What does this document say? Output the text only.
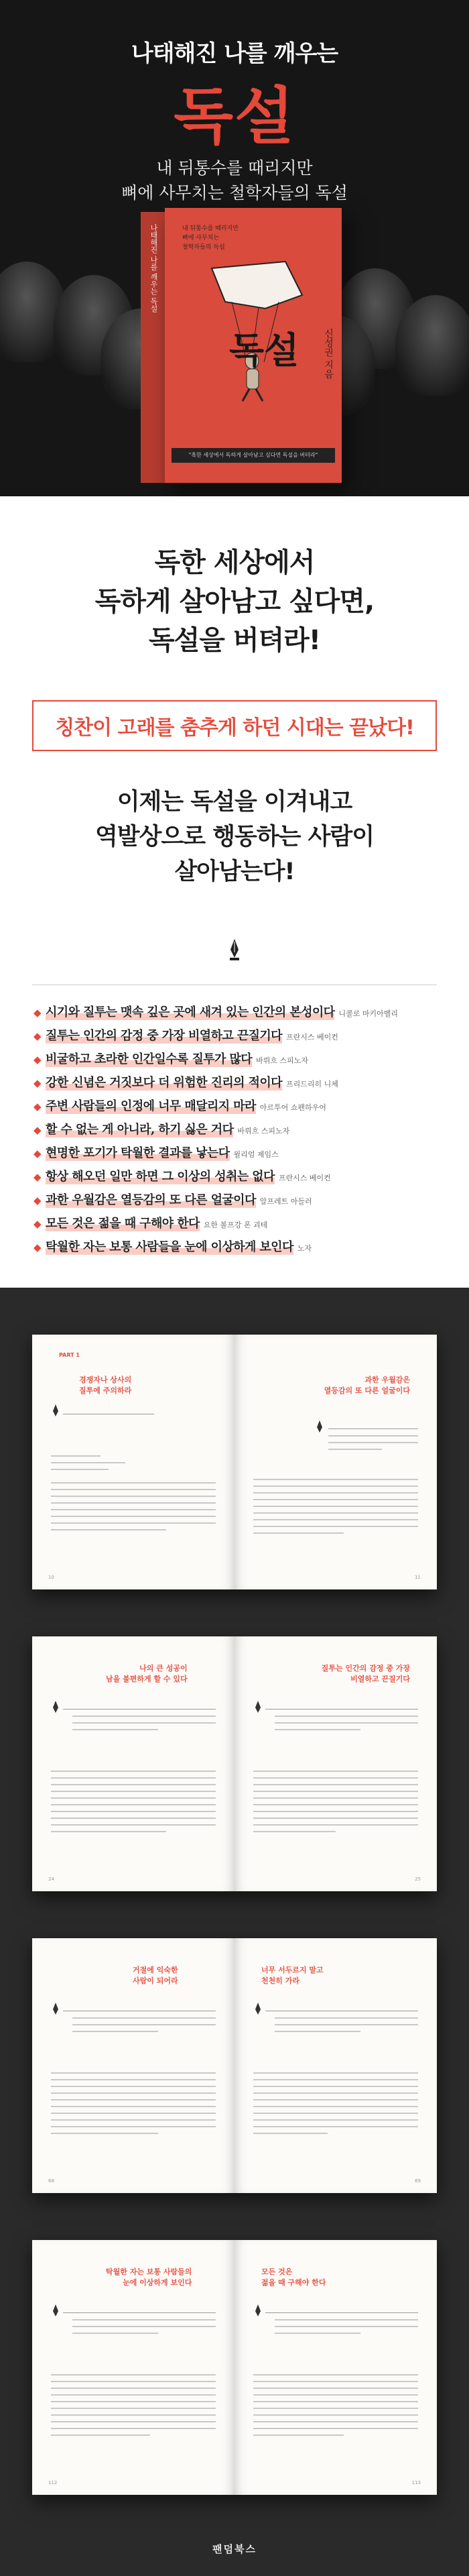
나태해진 나를 깨우는
독설
내 뒤통수를 때리지만
뼈에 사무치는 철학자들의 독설
나태해진 나를 깨우는 독설	내 뒤통수를 때리지만
뼈에 사무치는
철학자들의 독설
독설	신성권 지음
"혹한 세상에서 독하게 살아남고 싶다면 독설을 버텨라"
독한 세상에서
독하게 살아남고 싶다면,
독설을 버텨라!
칭찬이 고래를 춤추게 하던 시대는 끝났다!
이제는 독설을 이겨내고
역발상으로 행동하는 사람이
살아남는다!
◆ 시기와 질투는 맷속 깊은 곳에 새겨 있는 인간의 본성이다 니콜로 마키아벨리
◆ 질투는 인간의 감정 중 가장 비열하고 끈질기다 프란시스 베이컨
◆ 비굴하고 초라한 인간일수록 질투가 많다 바뤼흐 스피노자
◆ 강한 신념은 거짓보다 더 위험한 진리의 적이다 프리드리히 니체
◆ 주변 사람들의 인정에 너무 매달리지 마라 아르투어 쇼펜하우어
◆ 할 수 없는 게 아니라, 하기 싫은 거다 바뤼흐 스피노자
◆ 현명한 포기가 탁월한 결과를 낳는다 윌리엄 제임스
◆ 항상 해오던 일만 하면 그 이상의 성취는 없다 프란시스 베이컨
◆ 과한 우월감은 열등감의 또 다른 얼굴이다 알프레트 아들러
◆ 모든 것은 젊을 때 구해야 한다 요한 볼프강 폰 괴테
◆ 탁월한 자는 보통 사람들을 눈에 이상하게 보인다 노자
PART 1
경쟁자나 상사의
질투에 주의하라
10
과한 우월감은
열등감의 또 다른 얼굴이다
11
나의 큰 성공이
남을 불편하게 할 수 있다
24
질투는 인간의 감정 중 가장
비열하고 끈질기다
25
거절에 익숙한
사람이 되어라
68
너무 서두르지 말고
천천히 가라
69
탁월한 자는 보통 사람들의
눈에 이상하게 보인다
112
모든 것은
젊을 때 구해야 한다
113
팬덤북스
